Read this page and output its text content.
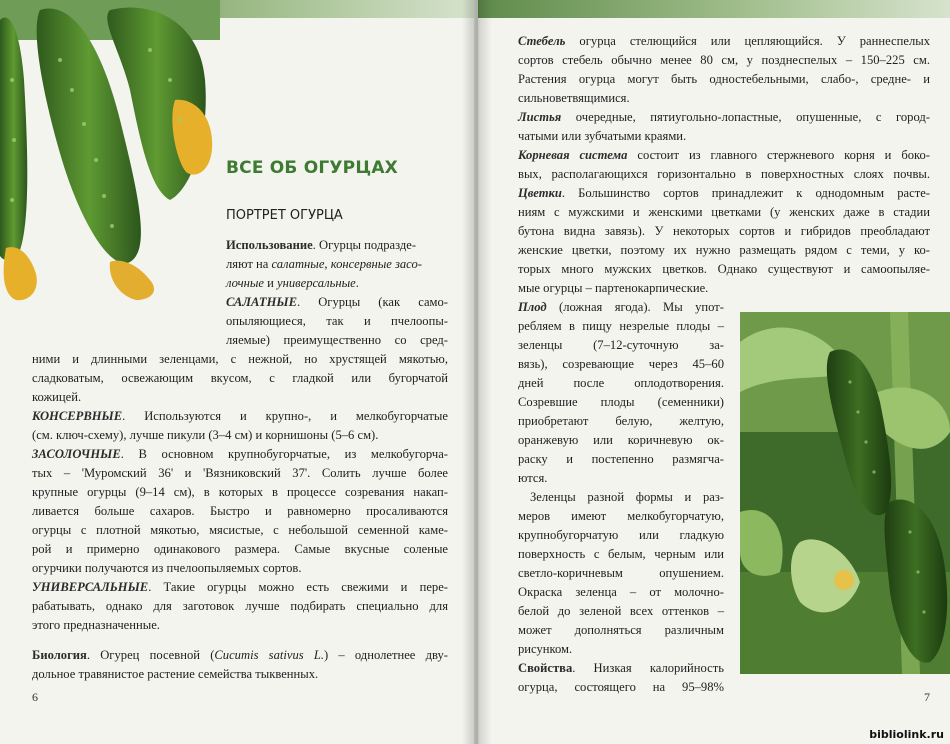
ВСЕ ОБ ОГУРЦАХ
ПОРТРЕТ ОГУРЦА
Использование. Огурцы подразде-
ляют на салатные, консервные засо-
лочные и универсальные.
САЛАТНЫЕ. Огурцы (как само-
опыляющиеся, так и пчелоопы-
ляемые) преимущественно со сред-
ними и длинными зеленцами, с нежной, но хрустящей мякотью,
сладковатым, освежающим вкусом, с гладкой или бугорчатой
кожицей.
КОНСЕРВНЫЕ. Используются и крупно-, и мелкобугорчатые
(см. ключ-схему), лучше пикули (3–4 см) и корнишоны (5–6 см).
ЗАСОЛОЧНЫЕ. В основном крупнобугорчатые, из мелкобугорча-
тых – 'Муромский 36' и 'Вязниковский 37'. Солить лучше более
крупные огурцы (9–14 см), в которых в процессе созревания накап-
ливается больше сахаров. Быстро и равномерно просаливаются
огурцы с плотной мякотью, мясистые, с небольшой семенной камe-
рой и примерно одинакового размера. Самые вкусные соленые
огурчики получаются из пчелоопыляемых сортов.
УНИВЕРСАЛЬНЫЕ. Такие огурцы можно есть свежими и пере-
рабатывать, однако для заготовок лучше подбирать специально для
этого предназначенные.
Биология. Огурец посевной (Cucumis sativus L.) – однолетнее дву-
дольное травянистое растение семейства тыквенных.
6
Стебель огурца стелющийся или цепляющийся. У раннеспелых
сортов стебель обычно менее 80 см, у позднеспелых – 150–225 см.
Растения огурца могут быть одностебельными, слабо-, средне- и
сильноветвящимися.
Листья очередные, пятиугольно-лопастные, опушенные, с город-
чатыми или зубчатыми краями.
Корневая система состоит из главного стержневого корня и боко-
вых, располагающихся горизонтально в поверхностных слоях почвы.
Цветки. Большинство сортов принадлежит к однодомным расте-
ниям с мужскими и женскими цветками (у женских даже в стадии
бутона видна завязь). У некоторых сортов и гибридов преобладают
женские цветки, поэтому их нужно размещать рядом с теми, у ко-
торых много мужских цветков. Однако существуют и самоопыляе-
мые огурцы – партенокарпические.
Плод (ложная ягода). Мы упот-
ребляем в пищу незрелые плоды –
зеленцы (7–12-суточную за-
вязь), созревающие через 45–60
дней после оплодотворения.
Созревшие плоды (семенники)
приобретают белую, желтую,
оранжевую или коричневую ок-
раску и постепенно размягча-
ются.
Зеленцы разной формы и раз-
меров имеют мелкобугорчатую,
крупнобугорчатую или гладкую
поверхность с белым, черным или
светло-коричневым опушением.
Окраска зеленца – от молочно-
белой до зеленой всех оттенков –
может дополняться различным
рисунком.
Свойства. Низкая калорийность
огурца, состоящего на 95–98%
7
bibliolink.ru
